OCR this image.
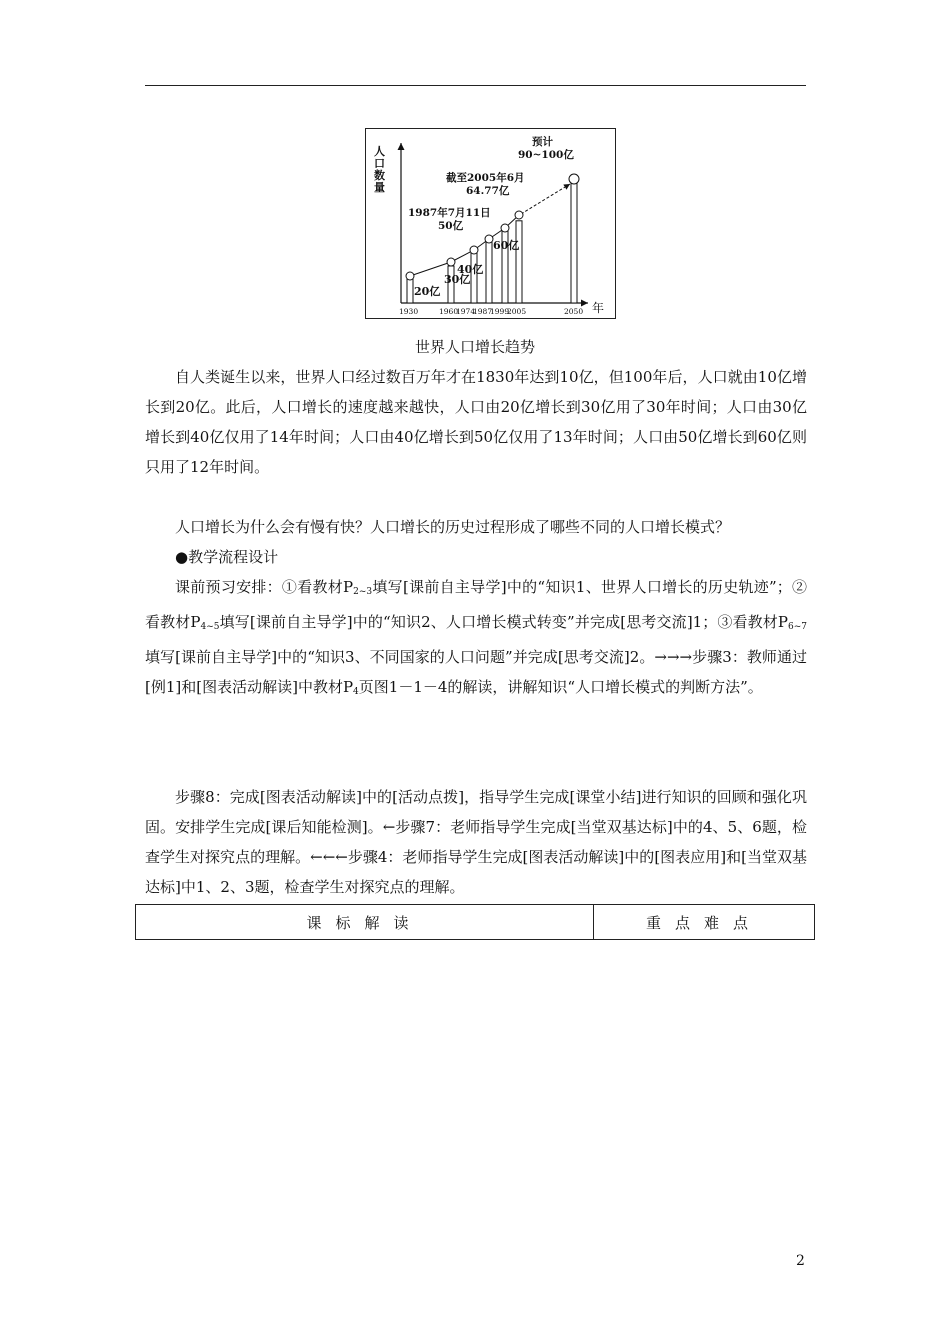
人口数量
年
1930	1960
1974
1987
1999
2005	2050
20亿
30亿
40亿
60亿
1987年7月11日
50亿
截至2005年6月
64.77亿
预计
90~100亿
世界人口增长趋势

自人类诞生以来，世界人口经过数百万年才在1830年达到10亿，但100年后，人口就由10亿增长到20亿。此后，人口增长的速度越来越快，人口由20亿增长到30亿用了30年时间；人口由30亿增长到40亿仅用了14年时间；人口由40亿增长到50亿仅用了13年时间；人口由50亿增长到60亿则只用了12年时间。

人口增长为什么会有慢有快？人口增长的历史过程形成了哪些不同的人口增长模式？

●教学流程设计

课前预习安排：①看教材$P_{2\sim 3}$填写[课前自主导学]中的“知识1、世界人口增长的历史轨迹”；②看教材$P_{4\sim 5}$填写[课前自主导学]中的“知识2、人口增长模式转变”并完成[思考交流]1；③看教材$P_{6\sim 7}$填写[课前自主导学]中的“知识3、不同国家的人口问题”并完成[思考交流]2。→→→步骤3：教师通过[例1]和[图表活动解读]中教材$P_4$页图1－1－4的解读，讲解知识“人口增长模式的判断方法”。

步骤8：完成[图表活动解读]中的[活动点拨]，指导学生完成[课堂小结]进行知识的回顾和强化巩固。安排学生完成[课后知能检测]。←步骤7：老师指导学生完成[当堂双基达标]中的4、5、6题，检查学生对探究点的理解。←←←步骤4：老师指导学生完成[图表活动解读]中的[图表应用]和[当堂双基达标]中1、2、3题，检查学生对探究点的理解。

课标解读	重点难点
2
